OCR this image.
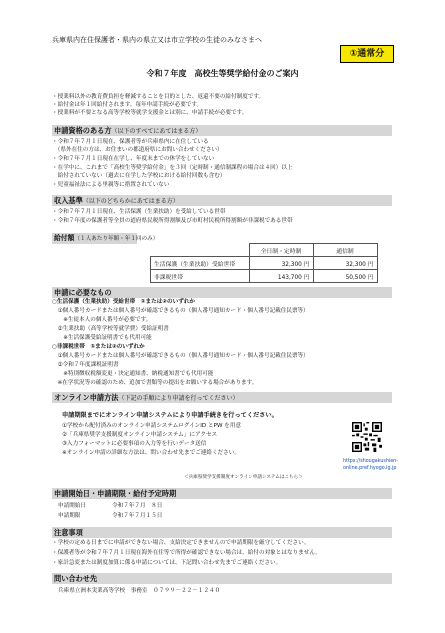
兵庫県内在住保護者・県内の県立又は市立学校の生徒のみなさまへ
①通常分
令和７年度　高校生等奨学給付金のご案内
・授業料以外の教育費負担を軽減することを目的とした、返還不要の給付制度です。
・給付金は年１回給付されます。毎年申請手続が必要です。
・授業料が不要となる高等学校等就学支援金とは別に、申請手続が必要です。
申請資格のある方（以下のすべてにあてはまる方）
・令和７年７月１日現在、保護者等が兵庫県内に在住している
　（県外在住の方は、お住まいの都道府県にお問い合わせください）
・令和７年７月１日現在在学し、年度末までの休学をしていない
・在学中に、これまで「高校生等奨学給付金」を３回（定時制・通信制課程の場合は４回）以上
　給付されていない（過去に在学した学校における給付回数も含む）
・児童福祉法による里親等に措置されていない
収入基準（以下のどちらかにあてはまる方）
・令和７年７月１日現在、生活保護（生業扶助）を受給している世帯
・令和７年度の保護者等全員の道府県民税所得割額及び市町村民税所得割額が非課税である世帯
給付額（１人あたり年額・年１回のみ）
	全日制・定時制	通信制
生活保護（生業扶助）受給世帯	32,300 円	32,300 円
非課税世帯	143,700 円	50,500 円
申請に必要なもの
○生活保護（生業扶助）受給世帯　①または②のいずれか
　①個人番号カードまたは個人番号が確認できるもの（個人番号通知カード・個人番号記載住民票等）
　　※生徒本人の個人番号が必要です。
　②生業扶助（高等学校等就学費）受給証明書
　　※生活保護受給証明書でも代用可能
○非課税世帯　①または②のいずれか
　①個人番号カードまたは個人番号が確認できるもの（個人番号通知カード・個人番号記載住民票等）
　②令和７年度課税証明書
　　※特別徴収税額変更・決定通知書、納税通知書でも代用可能
　※在学状況等の確認のため、追加で書類等の提出をお願いする場合があります。
オンライン申請方法（下記の手順により申請を行ってください）
申請期限までにオンライン申請システムにより申請手続きを行ってください。
①学校から配付済みのオンライン申請システムログインID とPW を用意
②「兵庫県奨学支援制度オンライン申請システム」にアクセス
③入力フォーマットに必要事項の入力等を行いデータ送信
※オンライン申請の詳細な方法は、問い合わせ先までご連絡ください。
https://shougakushien-
online.pref.hyogo.lg.jp
＜兵庫県奨学支援制度オンライン申請システムはこちら＞
申請開始日・申請期限・給付予定時期
申請開始日	令和７年７月　８日
申請期限	令和７年７月１５日
注意事項
・学校の定める日までに申請ができない場合、支給決定できませんので申請期限を厳守してください。
・保護者等が令和７年７月１日現在海外在住等で所得が確認できない場合は、給付の対象とはなりません。
・家計急変または制度加算に係る申請については、下記問い合わせ先までご連絡ください。
問い合わせ先
兵庫県立洲本実業高等学校　事務室　０７９９－２２－１２４０
